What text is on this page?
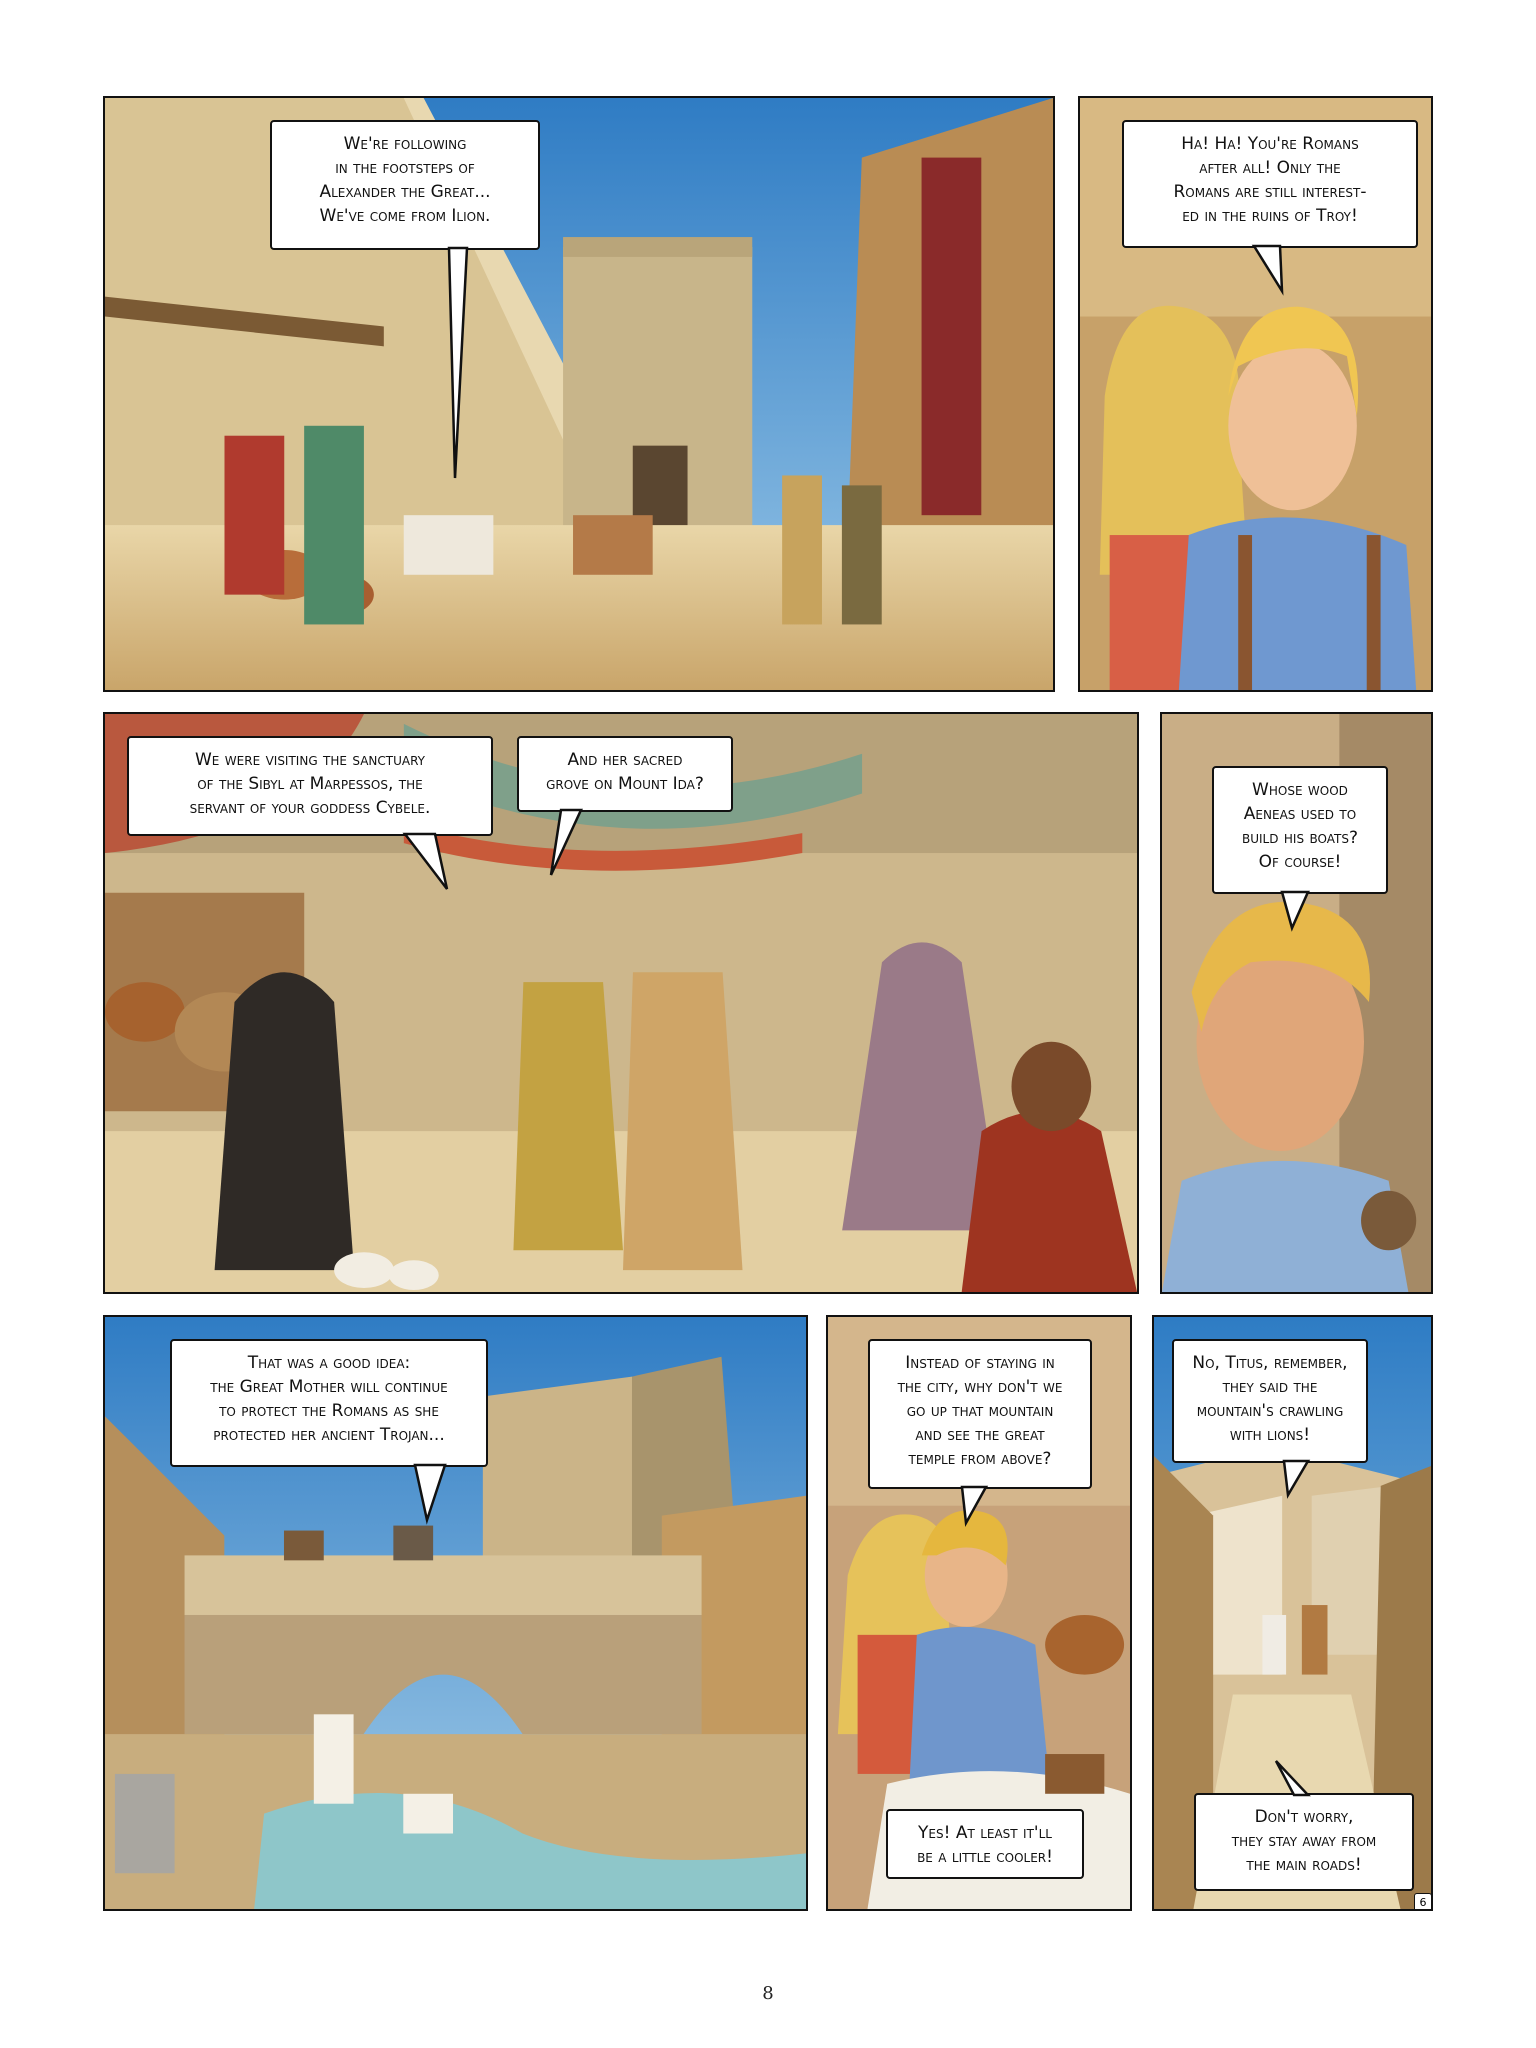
We're following
in the footsteps of
Alexander the Great...
We've come from Ilion.
Ha! Ha! You're Romans
after all! Only the
Romans are still interest-
ed in the ruins of Troy!
We were visiting the sanctuary
of the Sibyl at Marpessos, the
servant of your goddess Cybele.
And her sacred
grove on Mount Ida?	Whose wood
Aeneas used to
build his boats?
Of course!
That was a good idea:
the Great Mother will continue
to protect the Romans as she
protected her ancient Trojan...
Instead of staying in
the city, why don't we
go up that mountain
and see the great
temple from above?
Yes! At least it'll
be a little cooler!
No, Titus, remember,
they said the
mountain's crawling
with lions!
Don't worry,
they stay away from
the main roads!
6
8
